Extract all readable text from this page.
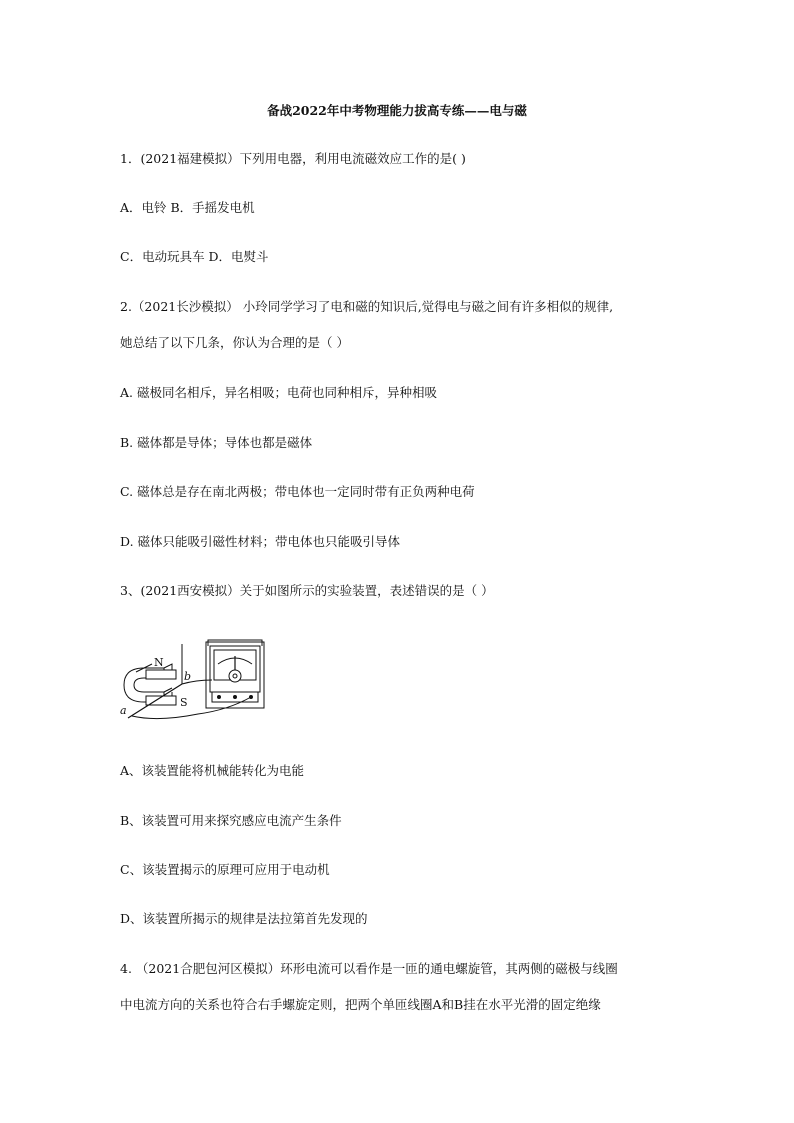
备战2022年中考物理能力拔高专练——电与磁
1．(2021福建模拟）下列用电器，利用电流磁效应工作的是( )
A．电铃 B．手摇发电机
C．电动玩具车 D．电熨斗
2.（2021长沙模拟） 小玲同学学习了电和磁的知识后,觉得电与磁之间有许多相似的规律,
她总结了以下几条，你认为合理的是（ ）
A. 磁极同名相斥，异名相吸；电荷也同种相斥，异种相吸
B. 磁体都是导体；导体也都是磁体
C. 磁体总是存在南北两极；带电体也一定同时带有正负两种电荷
D. 磁体只能吸引磁性材料；带电体也只能吸引导体
3、(2021西安模拟）关于如图所示的实验装置，表述错误的是（ ）
N
S
a
b
A、该装置能将机械能转化为电能
B、该装置可用来探究感应电流产生条件
C、该装置揭示的原理可应用于电动机
D、该装置所揭示的规律是法拉第首先发现的
4. （2021合肥包河区模拟）环形电流可以看作是一匝的通电螺旋管，其两侧的磁极与线圈
中电流方向的关系也符合右手螺旋定则，把两个单匝线圈A和B挂在水平光滑的固定绝缘
